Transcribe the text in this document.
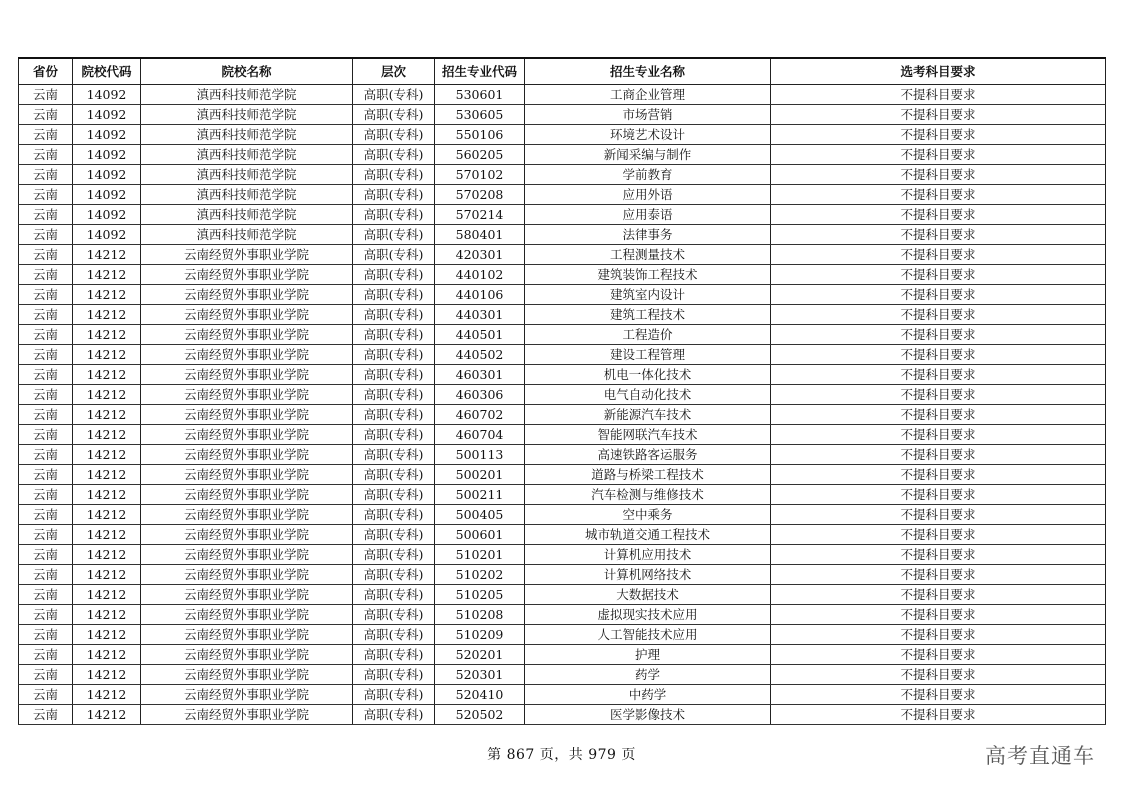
省份	院校代码	院校名称	层次	招生专业代码	招生专业名称	选考科目要求
云南	14092	滇西科技师范学院	高职(专科)	530601	工商企业管理	不提科目要求
云南	14092	滇西科技师范学院	高职(专科)	530605	市场营销	不提科目要求
云南	14092	滇西科技师范学院	高职(专科)	550106	环境艺术设计	不提科目要求
云南	14092	滇西科技师范学院	高职(专科)	560205	新闻采编与制作	不提科目要求
云南	14092	滇西科技师范学院	高职(专科)	570102	学前教育	不提科目要求
云南	14092	滇西科技师范学院	高职(专科)	570208	应用外语	不提科目要求
云南	14092	滇西科技师范学院	高职(专科)	570214	应用泰语	不提科目要求
云南	14092	滇西科技师范学院	高职(专科)	580401	法律事务	不提科目要求
云南	14212	云南经贸外事职业学院	高职(专科)	420301	工程测量技术	不提科目要求
云南	14212	云南经贸外事职业学院	高职(专科)	440102	建筑装饰工程技术	不提科目要求
云南	14212	云南经贸外事职业学院	高职(专科)	440106	建筑室内设计	不提科目要求
云南	14212	云南经贸外事职业学院	高职(专科)	440301	建筑工程技术	不提科目要求
云南	14212	云南经贸外事职业学院	高职(专科)	440501	工程造价	不提科目要求
云南	14212	云南经贸外事职业学院	高职(专科)	440502	建设工程管理	不提科目要求
云南	14212	云南经贸外事职业学院	高职(专科)	460301	机电一体化技术	不提科目要求
云南	14212	云南经贸外事职业学院	高职(专科)	460306	电气自动化技术	不提科目要求
云南	14212	云南经贸外事职业学院	高职(专科)	460702	新能源汽车技术	不提科目要求
云南	14212	云南经贸外事职业学院	高职(专科)	460704	智能网联汽车技术	不提科目要求
云南	14212	云南经贸外事职业学院	高职(专科)	500113	高速铁路客运服务	不提科目要求
云南	14212	云南经贸外事职业学院	高职(专科)	500201	道路与桥梁工程技术	不提科目要求
云南	14212	云南经贸外事职业学院	高职(专科)	500211	汽车检测与维修技术	不提科目要求
云南	14212	云南经贸外事职业学院	高职(专科)	500405	空中乘务	不提科目要求
云南	14212	云南经贸外事职业学院	高职(专科)	500601	城市轨道交通工程技术	不提科目要求
云南	14212	云南经贸外事职业学院	高职(专科)	510201	计算机应用技术	不提科目要求
云南	14212	云南经贸外事职业学院	高职(专科)	510202	计算机网络技术	不提科目要求
云南	14212	云南经贸外事职业学院	高职(专科)	510205	大数据技术	不提科目要求
云南	14212	云南经贸外事职业学院	高职(专科)	510208	虚拟现实技术应用	不提科目要求
云南	14212	云南经贸外事职业学院	高职(专科)	510209	人工智能技术应用	不提科目要求
云南	14212	云南经贸外事职业学院	高职(专科)	520201	护理	不提科目要求
云南	14212	云南经贸外事职业学院	高职(专科)	520301	药学	不提科目要求
云南	14212	云南经贸外事职业学院	高职(专科)	520410	中药学	不提科目要求
云南	14212	云南经贸外事职业学院	高职(专科)	520502	医学影像技术	不提科目要求
第 867 页，共 979 页	高考直通车
